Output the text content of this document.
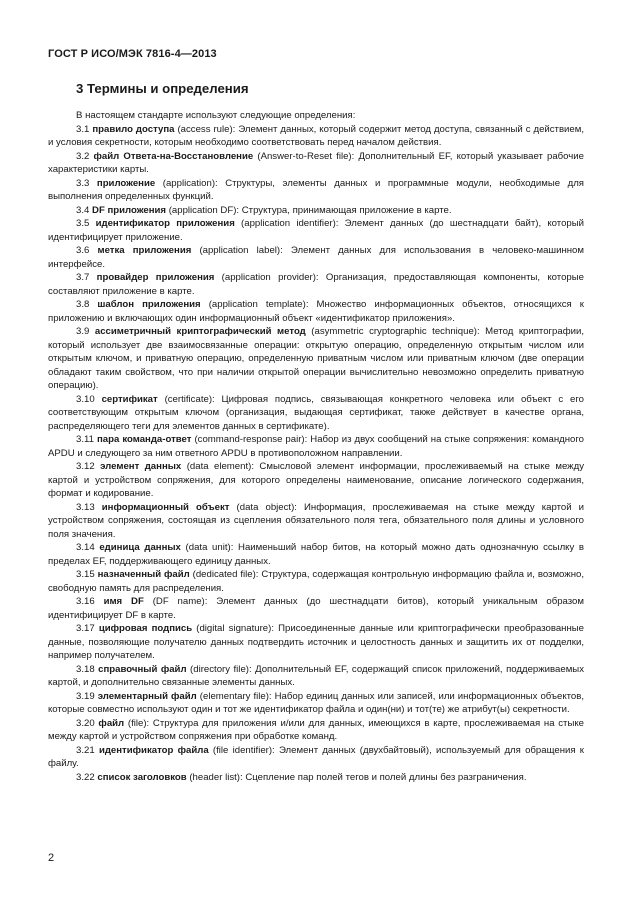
ГОСТ Р ИСО/МЭК 7816-4—2013
3 Термины и определения

В настоящем стандарте используют следующие определения:

3.1 правило доступа (access rule): Элемент данных, который содержит метод доступа, связанный с действием, и условия секретности, которым необходимо соответствовать перед началом действия.

3.2 файл Ответа-на-Восстановление (Answer-to-Reset file): Дополнительный EF, который указывает рабочие характеристики карты.

3.3 приложение (application): Структуры, элементы данных и программные модули, необходимые для выполнения определенных функций.

3.4 DF приложения (application DF): Структура, принимающая приложение в карте.

3.5 идентификатор приложения (application identifier): Элемент данных (до шестнадцати байт), который идентифицирует приложение.

3.6 метка приложения (application label): Элемент данных для использования в человеко-машинном интерфейсе.

3.7 провайдер приложения (application provider): Организация, предоставляющая компоненты, которые составляют приложение в карте.

3.8 шаблон приложения (application template): Множество информационных объектов, относящихся к приложению и включающих один информационный объект «идентификатор приложения».

3.9 ассиметричный криптографический метод (asymmetric cryptographic technique): Метод криптографии, который использует две взаимосвязанные операции: открытую операцию, определенную открытым числом или открытым ключом, и приватную операцию, определенную приватным числом или приватным ключом (две операции обладают таким свойством, что при наличии открытой операции вычислительно невозможно определить приватную операцию).

3.10 сертификат (certificate): Цифровая подпись, связывающая конкретного человека или объект с его соответствующим открытым ключом (организация, выдающая сертификат, также действует в качестве органа, распределяющего теги для элементов данных в сертификате).

3.11 пара команда-ответ (command-response pair): Набор из двух сообщений на стыке сопряжения: командного APDU и следующего за ним ответного APDU в противоположном направлении.

3.12 элемент данных (data element): Смысловой элемент информации, прослеживаемый на стыке между картой и устройством сопряжения, для которого определены наименование, описание логического содержания, формат и кодирование.

3.13 информационный объект (data object): Информация, прослеживаемая на стыке между картой и устройством сопряжения, состоящая из сцепления обязательного поля тега, обязательного поля длины и условного поля значения.

3.14 единица данных (data unit): Наименьший набор битов, на который можно дать однозначную ссылку в пределах EF, поддерживающего единицу данных.

3.15 назначенный файл (dedicated file): Структура, содержащая контрольную информацию файла и, возможно, свободную память для распределения.

3.16 имя DF (DF name): Элемент данных (до шестнадцати битов), который уникальным образом идентифицирует DF в карте.

3.17 цифровая подпись (digital signature): Присоединенные данные или криптографически преобразованные данные, позволяющие получателю данных подтвердить источник и целостность данных и защитить их от подделки, например получателем.

3.18 справочный файл (directory file): Дополнительный EF, содержащий список приложений, поддерживаемых картой, и дополнительно связанные элементы данных.

3.19 элементарный файл (elementary file): Набор единиц данных или записей, или информационных объектов, которые совместно используют один и тот же идентификатор файла и один(ни) и тот(те) же атрибут(ы) секретности.

3.20 файл (file): Структура для приложения и/или для данных, имеющихся в карте, прослеживаемая на стыке между картой и устройством сопряжения при обработке команд.

3.21 идентификатор файла (file identifier): Элемент данных (двухбайтовый), используемый для обращения к файлу.

3.22 список заголовков (header list): Сцепление пар полей тегов и полей длины без разграничения.

2
